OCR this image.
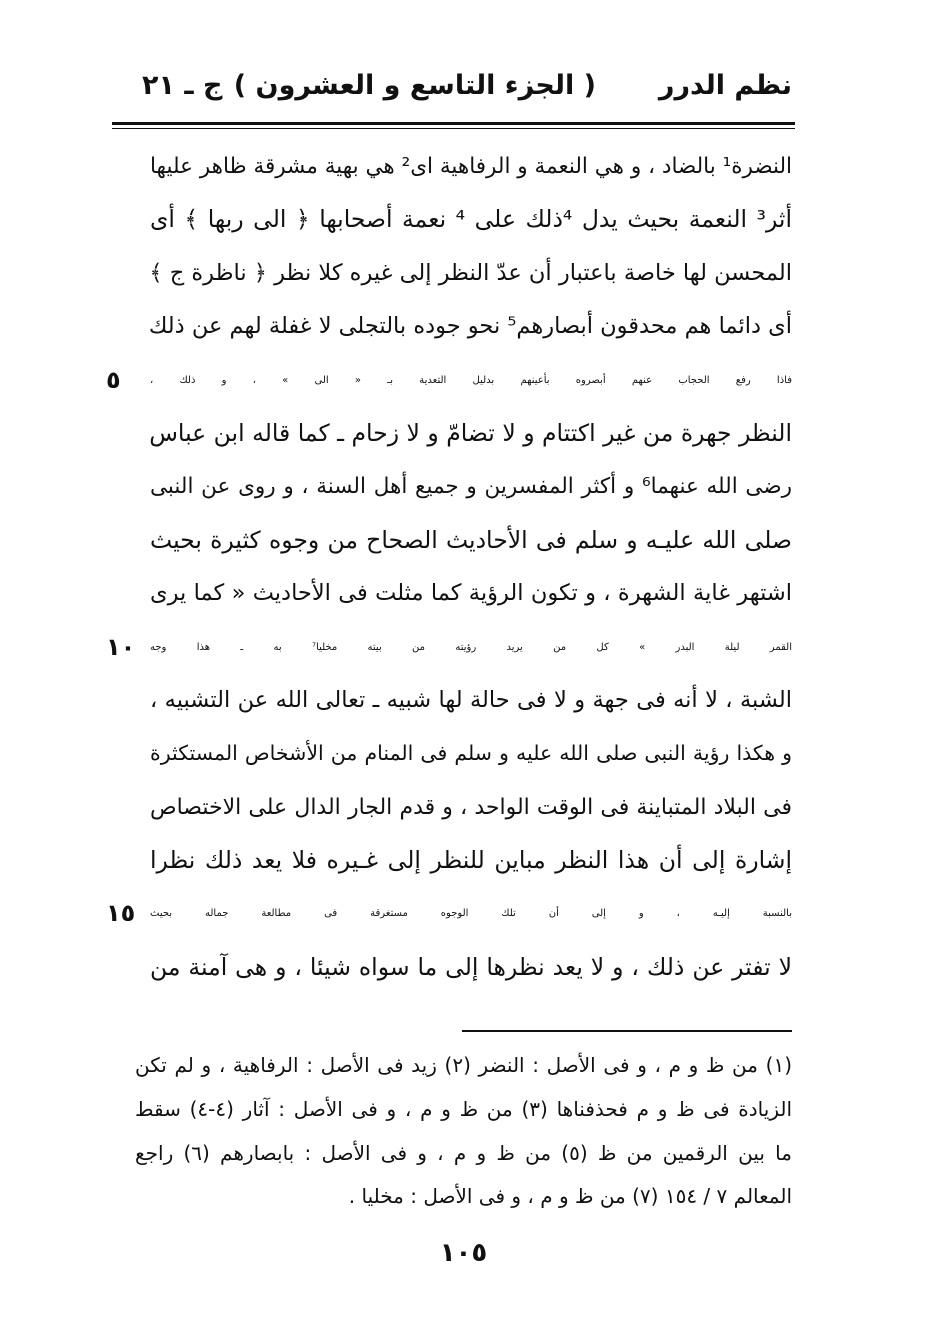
نظم الدرر
( الجزء التاسع و العشرون )
ج ـ ٢١
النضرة¹ بالضاد ، و هي النعمة و الرفاهية اى² هي بهية مشرقة ظاهر عليها
أثر³ النعمة بحيث يدل ⁴ذلك على ⁴ نعمة أصحابها ﴿ الى ربها ﴾ أى
المحسن لها خاصة باعتبار أن عدّ النظر إلى غيره كلا نظر ﴿ ناظرة ج ﴾
أى دائما هم محدقون أبصارهم⁵ نحو جوده بالتجلى لا غفلة لهم عن ذلك
فاذا رفع الحجاب عنهم أبصروه بأعينهم بدليل التعدية بـ « الى » ، و ذلك ،
٥
النظر جهرة من غير اكتتام و لا تضامّ و لا زحام ـ كما قاله ابن عباس
رضى الله عنهما⁶ و أكثر المفسرين و جميع أهل السنة ، و روى عن النبى
صلى الله عليـه و سلم فى الأحاديث الصحاح من وجوه كثيرة بحيث
اشتهر غاية الشهرة ، و تكون الرؤية كما مثلت فى الأحاديث « كما يرى
القمر ليلة البدر » كل من يريد رؤيته من بيته مخليا⁷ به ـ هذا وجه
١٠
الشبة ، لا أنه فى جهة و لا فى حالة لها شبيه ـ تعالى الله عن التشبيه ،
و هكذا رؤية النبى صلى الله عليه و سلم فى المنام من الأشخاص المستكثرة
فى البلاد المتباينة فى الوقت الواحد ، و قدم الجار الدال على الاختصاص
إشارة إلى أن هذا النظر مباين للنظر إلى غـيره فلا يعد ذلك نظرا
بالنسبة إليـه ، و إلى أن تلك الوجوه مستغرقة فى مطالعة جماله بحيث
١٥
لا تفتر عن ذلك ، و لا يعد نظرها إلى ما سواه شيئا ، و هى آمنة من
(١) من ظ و م ، و فى الأصل : النضر (٢) زيد فى الأصل : الرفاهية ، و لم تكن
الزيادة فى ظ و م فحذفناها (٣) من ظ و م ، و فى الأصل : آثار (٤-٤) سقط
ما بين الرقمين من ظ (٥) من ظ و م ، و فى الأصل : بابصارهم (٦) راجع
المعالم ٧ / ١٥٤ (٧) من ظ و م ، و فى الأصل : مخليا .
١٠٥
